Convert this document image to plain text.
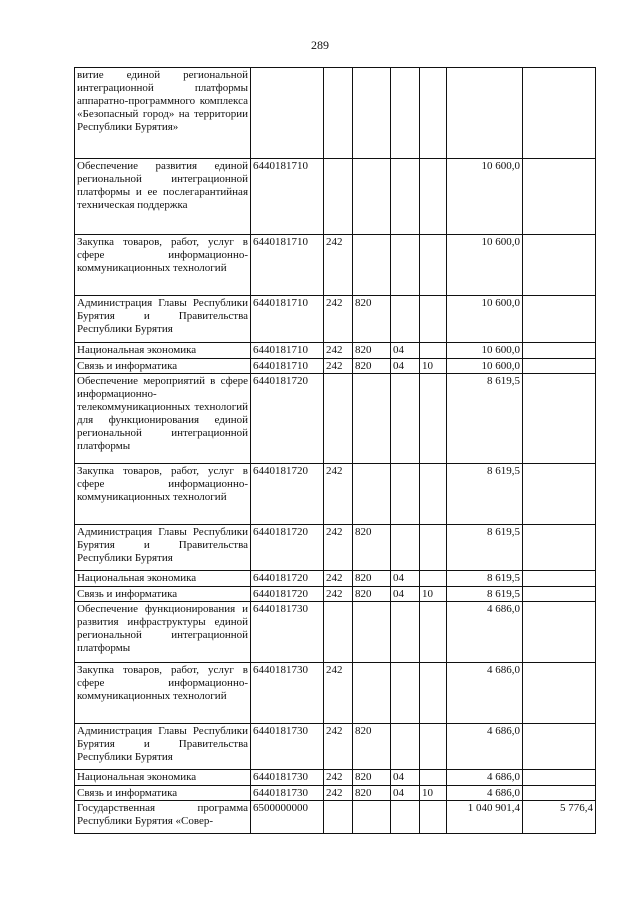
289
витие единой региональной интеграционной платформы аппаратно-программного комплекса «Безопасный город» на территории Республики Бурятия»							
Обеспечение развития единой региональной интеграционной платформы и ее послегарантийная техническая поддержка	6440181710					10 600,0	
Закупка товаров, работ, услуг в сфере информационно-коммуникационных технологий	6440181710	242				10 600,0	
Администрация Главы Республики Бурятия и Правительства Республики Бурятия	6440181710	242	820			10 600,0	
Национальная экономика	6440181710	242	820	04		10 600,0	
Связь и информатика	6440181710	242	820	04	10	10 600,0	
Обеспечение мероприятий в сфере информационно-телекоммуникационных технологий для функционирования единой региональной интеграционной платформы	6440181720					8 619,5	
Закупка товаров, работ, услуг в сфере информационно-коммуникационных технологий	6440181720	242				8 619,5	
Администрация Главы Республики Бурятия и Правительства Республики Бурятия	6440181720	242	820			8 619,5	
Национальная экономика	6440181720	242	820	04		8 619,5	
Связь и информатика	6440181720	242	820	04	10	8 619,5	
Обеспечение функционирования и развития инфраструктуры единой региональной интеграционной платформы	6440181730					4 686,0	
Закупка товаров, работ, услуг в сфере информационно-коммуникационных технологий	6440181730	242				4 686,0	
Администрация Главы Республики Бурятия и Правительства Республики Бурятия	6440181730	242	820			4 686,0	
Национальная экономика	6440181730	242	820	04		4 686,0	
Связь и информатика	6440181730	242	820	04	10	4 686,0	
Государственная программа Республики Бурятия «Совер-	6500000000					1 040 901,4	5 776,4
